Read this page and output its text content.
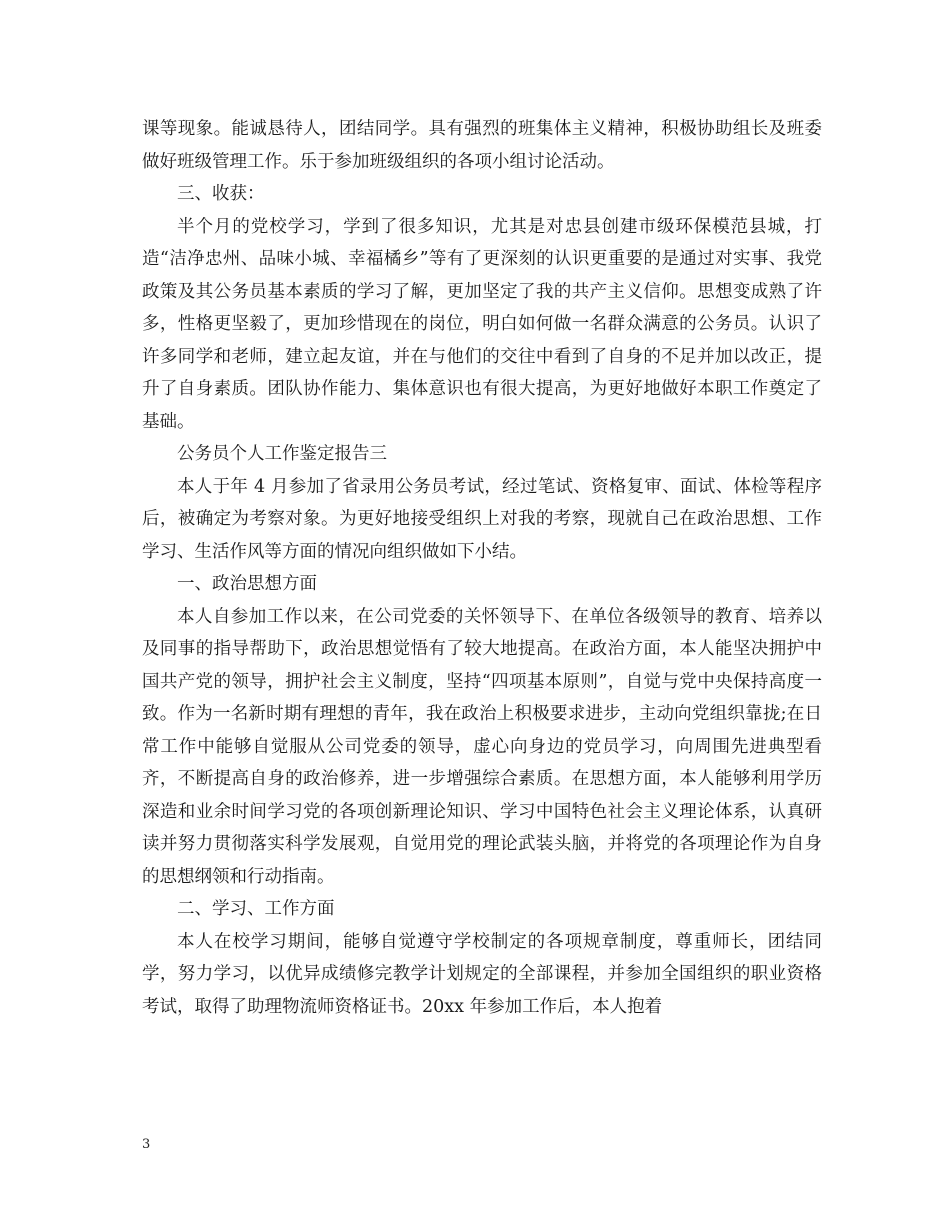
课等现象。能诚恳待人，团结同学。具有强烈的班集体主义精神，积极协助组长及班委做好班级管理工作。乐于参加班级组织的各项小组讨论活动。

三、收获：

半个月的党校学习，学到了很多知识，尤其是对忠县创建市级环保模范县城，打造“洁净忠州、品味小城、幸福橘乡”等有了更深刻的认识更重要的是通过对实事、我党政策及其公务员基本素质的学习了解，更加坚定了我的共产主义信仰。思想变成熟了许多，性格更坚毅了，更加珍惜现在的岗位，明白如何做一名群众满意的公务员。认识了许多同学和老师，建立起友谊，并在与他们的交往中看到了自身的不足并加以改正，提升了自身素质。团队协作能力、集体意识也有很大提高，为更好地做好本职工作奠定了基础。

公务员个人工作鉴定报告三

本人于年 4 月参加了省录用公务员考试，经过笔试、资格复审、面试、体检等程序后，被确定为考察对象。为更好地接受组织上对我的考察，现就自己在政治思想、工作学习、生活作风等方面的情况向组织做如下小结。

一、政治思想方面

本人自参加工作以来，在公司党委的关怀领导下、在单位各级领导的教育、培养以及同事的指导帮助下，政治思想觉悟有了较大地提高。在政治方面，本人能坚决拥护中国共产党的领导，拥护社会主义制度，坚持“四项基本原则”，自觉与党中央保持高度一致。作为一名新时期有理想的青年，我在政治上积极要求进步，主动向党组织靠拢;在日常工作中能够自觉服从公司党委的领导，虚心向身边的党员学习，向周围先进典型看齐，不断提高自身的政治修养，进一步增强综合素质。在思想方面，本人能够利用学历深造和业余时间学习党的各项创新理论知识、学习中国特色社会主义理论体系，认真研读并努力贯彻落实科学发展观，自觉用党的理论武装头脑，并将党的各项理论作为自身的思想纲领和行动指南。

二、学习、工作方面

本人在校学习期间，能够自觉遵守学校制定的各项规章制度，尊重师长，团结同学，努力学习，以优异成绩修完教学计划规定的全部课程，并参加全国组织的职业资格考试，取得了助理物流师资格证书。20xx 年参加工作后，本人抱着

3
